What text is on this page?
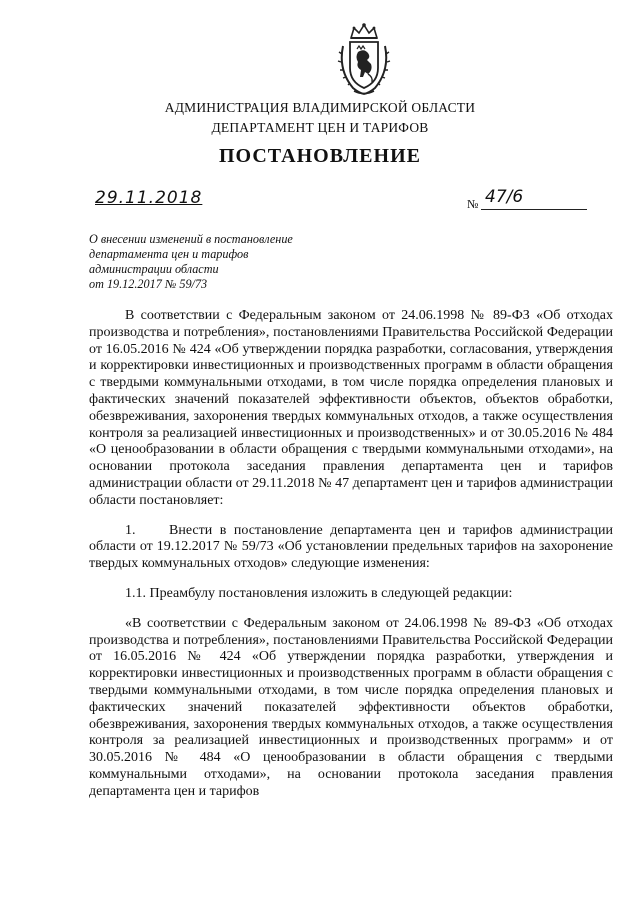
АДМИНИСТРАЦИЯ ВЛАДИМИРСКОЙ ОБЛАСТИ
ДЕПАРТАМЕНТ ЦЕН И ТАРИФОВ
ПОСТАНОВЛЕНИЕ
29.11.2018	№ 47/6
О внесении изменений в постановление
департамента цен и тарифов
администрации области
от 19.12.2017 № 59/73

В соответствии с Федеральным законом от 24.06.1998 № 89-ФЗ «Об отходах производства и потребления», постановлениями Правительства Российской Федерации от 16.05.2016 № 424 «Об утверждении порядка разработки, согласования, утверждения и корректировки инвестиционных и производственных программ в области обращения с твердыми коммунальными отходами, в том числе порядка определения плановых и фактических значений показателей эффективности объектов, объектов обработки, обезвреживания, захоронения твердых коммунальных отходов, а также осуществления контроля за реализацией инвестиционных и производственных» и от 30.05.2016 № 484 «О ценообразовании в области обращения с твердыми коммунальными отходами», на основании протокола заседания правления департамента цен и тарифов администрации области от 29.11.2018 № 47 департамент цен и тарифов администрации области постановляет:

1. Внести в постановление департамента цен и тарифов администрации области от 19.12.2017 № 59/73 «Об установлении предельных тарифов на захоронение твердых коммунальных отходов» следующие изменения:

1.1. Преамбулу постановления изложить в следующей редакции:

«В соответствии с Федеральным законом от 24.06.1998 № 89-ФЗ «Об отходах производства и потребления», постановлениями Правительства Российской Федерации от 16.05.2016 № 424 «Об утверждении порядка разработки, утверждения и корректировки инвестиционных и производственных программ в области обращения с твердыми коммунальными отходами, в том числе порядка определения плановых и фактических значений показателей эффективности объектов обработки, обезвреживания, захоронения твердых коммунальных отходов, а также осуществления контроля за реализацией инвестиционных и производственных программ» и от 30.05.2016 № 484 «О ценообразовании в области обращения с твердыми коммунальными отходами», на основании протокола заседания правления департамента цен и тарифов
